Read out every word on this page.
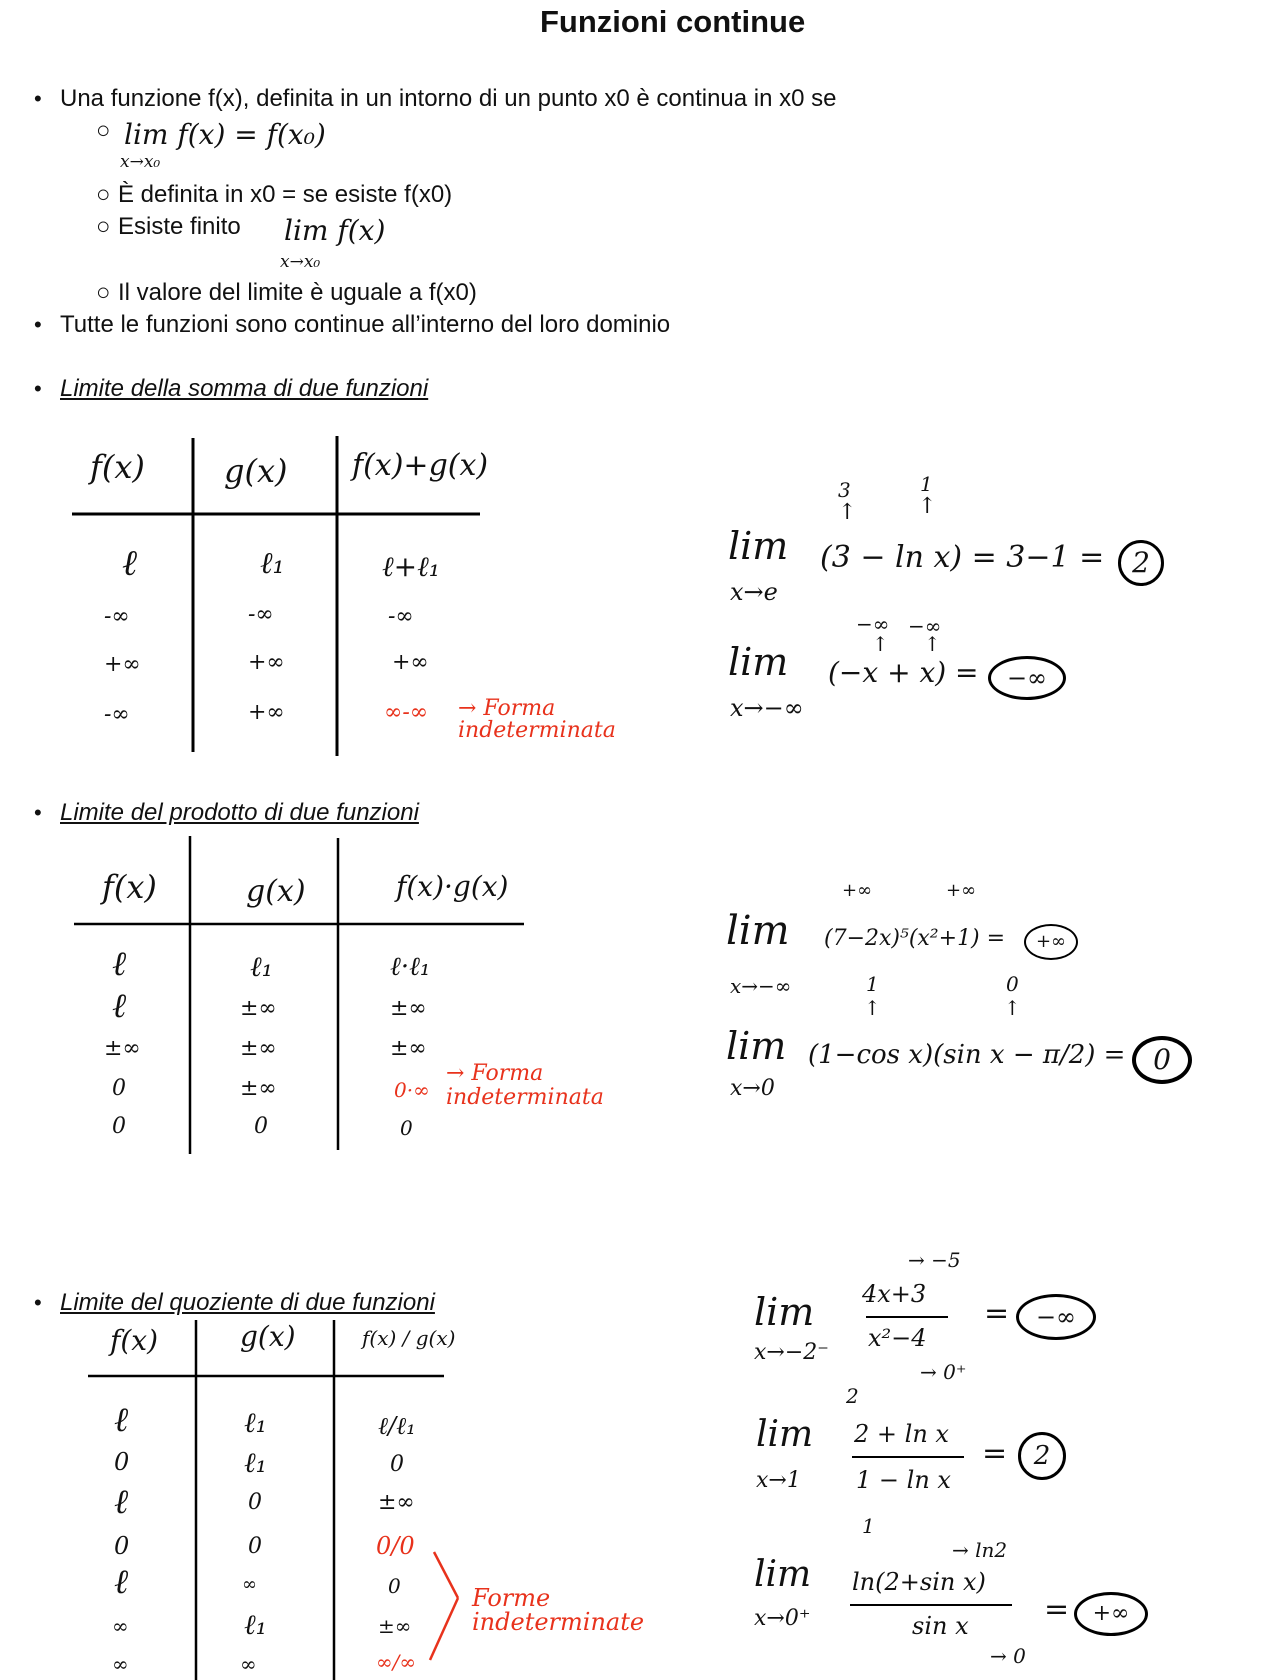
Funzioni continue
• Una funzione f(x), definita in un intorno di un punto x0 è continua in x0 se
○ lim f(x) = f(x₀)
x→x₀
○ È definita in x0 = se esiste f(x0)
○ Esiste finito lim f(x)
x→x₀
○ Il valore del limite è uguale a f(x0)
• Tutte le funzioni sono continue all’interno del loro dominio
• Limite della somma di due funzioni
f(x) g(x) f(x)+g(x)
ℓ	ℓ₁	ℓ+ℓ₁
-∞	-∞	-∞
+∞	+∞	+∞
-∞	+∞	∞-∞ → Forma indeterminata
3
↑
1
↑
lim
x→e
(3 − ln x) = 3−1 = 2
−∞ −∞
↑ ↑
lim
x→−∞
(−x + x) =	−∞
• Limite del prodotto di due funzioni
f(x)	g(x)	f(x)·g(x)
ℓ	ℓ₁	ℓ·ℓ₁
ℓ	±∞	±∞
±∞	±∞	±∞
0	±∞	0·∞
→ Forma indeterminata
0	0	0
+∞	+∞
lim
x→−∞
(7−2x)⁵(x²+1) =	+∞
1
↑
0
↑
lim
x→0
(1−cos x)(sin x − π/2) = 0
• Limite del quoziente di due funzioni
f(x)	g(x)	f(x) / g(x)
ℓ	ℓ₁	ℓ/ℓ₁
0	ℓ₁	0
ℓ	0	±∞
0	0	0/0
ℓ	∞	0	Forme indeterminate
∞	ℓ₁	±∞
∞	∞	∞/∞
lim
x→−2⁻
→ −5
4x+3
x²−4
→ 0⁺
=	−∞
2
lim
x→1
2 + ln x
1 − ln x
1
=	2
lim
x→0⁺
→ ln2
ln(2+sin x)
sin x
→ 0
=	+∞
